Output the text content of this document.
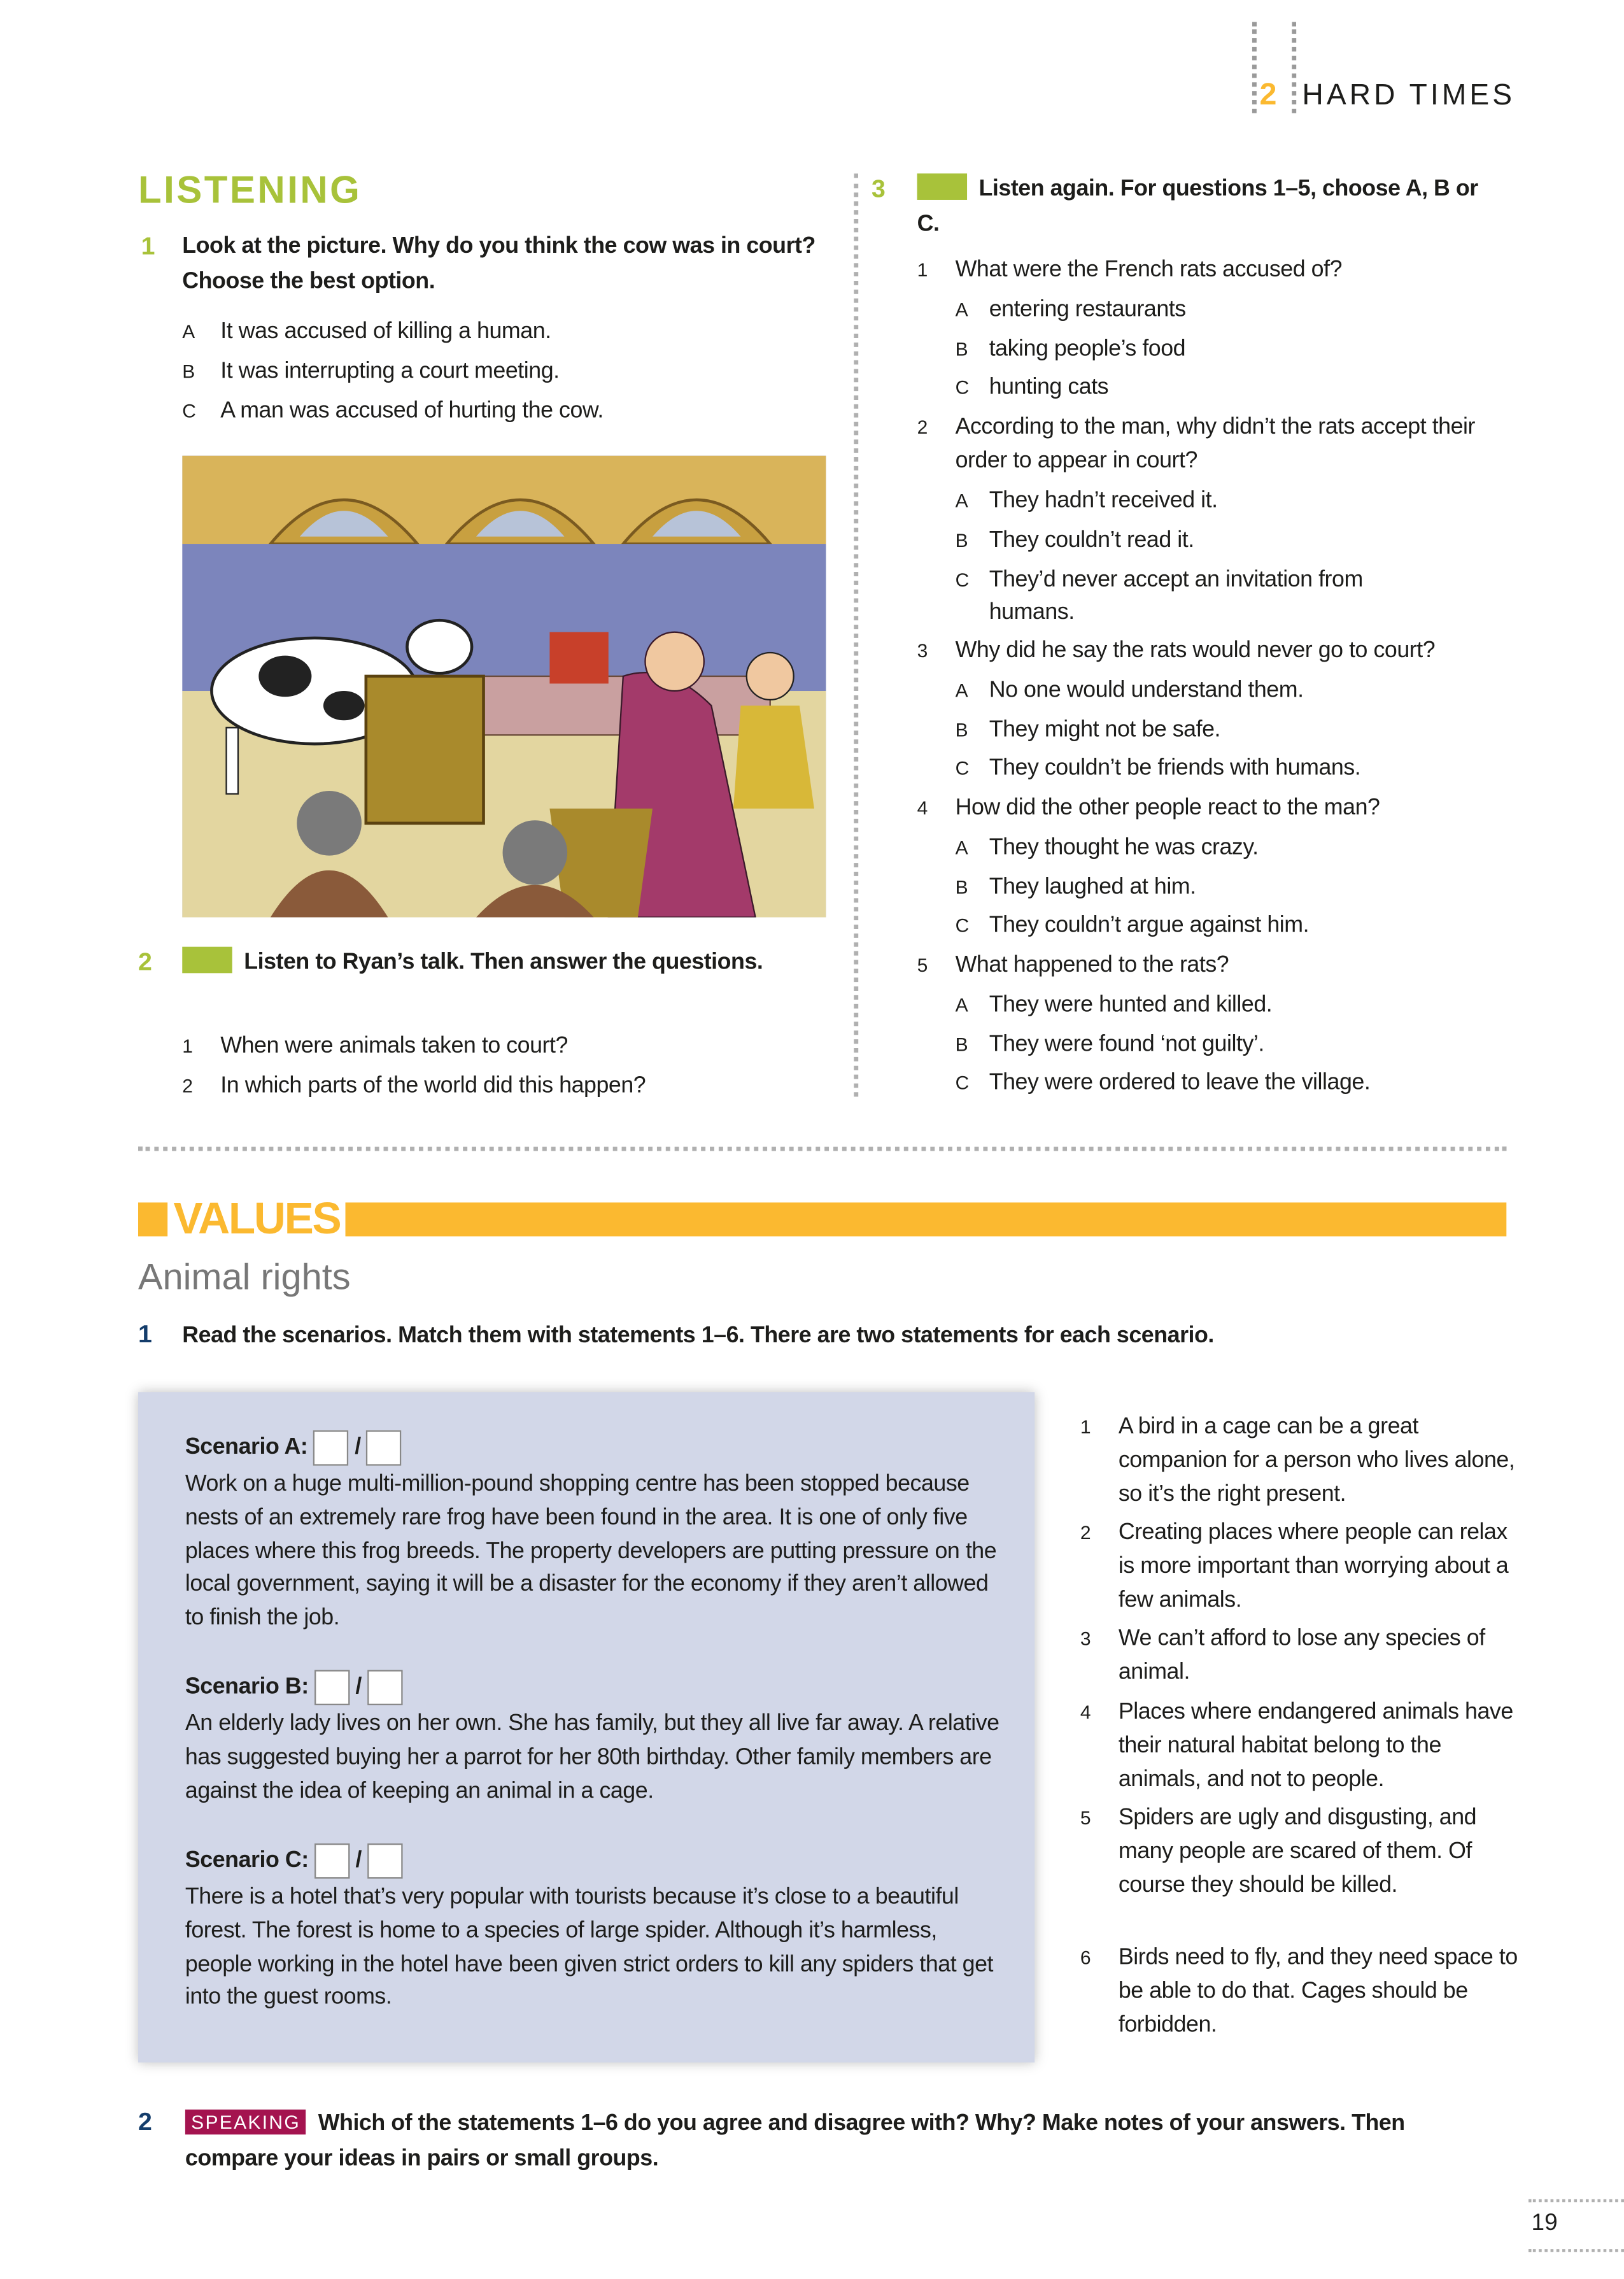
2 HARD TIMES
LISTENING
1	Look at the picture. Why do you think the cow was in court? Choose the best option.
A	It was accused of killing a human.
B	It was interrupting a court meeting.
C	A man was accused of hurting the cow.
2	Listen to Ryan’s talk. Then answer the questions.
1	When were animals taken to court?
2	In which parts of the world did this happen?
3	Listen again. For questions 1–5, choose A, B or C.
1	What were the French rats accused of?
A entering restaurants
B taking people’s food
C hunting cats
2	According to the man, why didn’t the rats accept their order to appear in court?
A They hadn’t received it.
B They couldn’t read it.
C They’d never accept an invitation from humans.
3	Why did he say the rats would never go to court?
A No one would understand them.
B They might not be safe.
C They couldn’t be friends with humans.
4	How did the other people react to the man?
A They thought he was crazy.
B They laughed at him.
C They couldn’t argue against him.
5	What happened to the rats?
A They were hunted and killed.
B They were found ‘not guilty’.
C They were ordered to leave the village.
VALUES
Animal rights
1	Read the scenarios. Match them with statements 1–6. There are two statements for each scenario.
Scenario A:	/
Work on a huge multi-million-pound shopping centre has been stopped because nests of an extremely rare frog have been found in the area. It is one of only five places where this frog breeds. The property developers are putting pressure on the local government, saying it will be a disaster for the economy if they aren’t allowed to finish the job.
Scenario B:	/
An elderly lady lives on her own. She has family, but they all live far away. A relative has suggested buying her a parrot for her 80th birthday. Other family members are against the idea of keeping an animal in a cage.
Scenario C:	/
There is a hotel that’s very popular with tourists because it’s close to a beautiful forest. The forest is home to a species of large spider. Although it’s harmless, people working in the hotel have been given strict orders to kill any spiders that get into the guest rooms.
1	A bird in a cage can be a great companion for a person who lives alone, so it’s the right present.
2	Creating places where people can relax is more important than worrying about a few animals.
3	We can’t afford to lose any species of animal.
4	Places where endangered animals have their natural habitat belong to the animals, and not to people.
5	Spiders are ugly and disgusting, and many people are scared of them. Of course they should be killed.
6	Birds need to fly, and they need space to be able to do that. Cages should be forbidden.
2	SPEAKING Which of the statements 1–6 do you agree and disagree with? Why? Make notes of your answers. Then compare your ideas in pairs or small groups.
19
